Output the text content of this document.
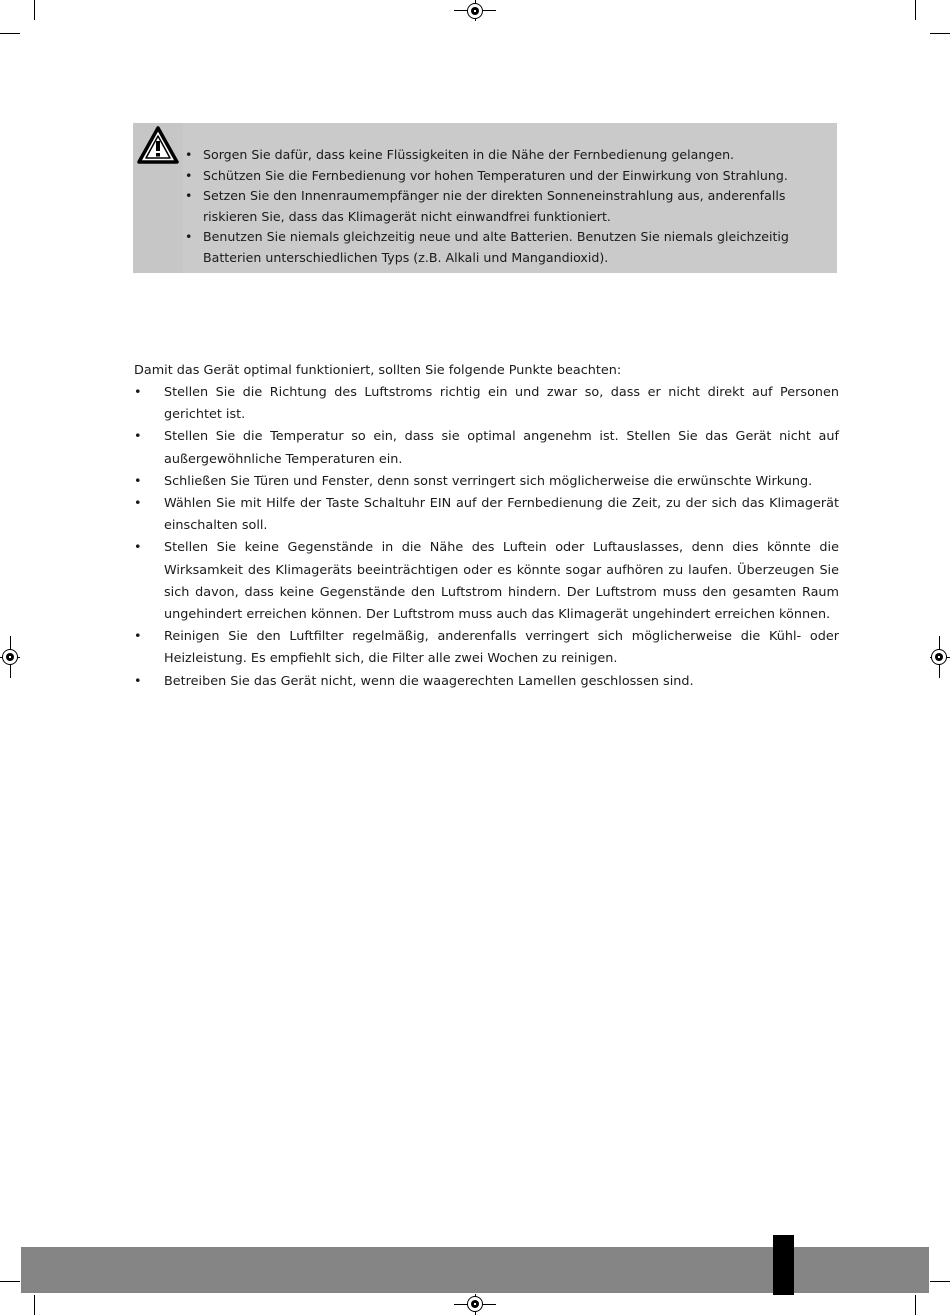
• Sorgen Sie dafür, dass keine Flüssigkeiten in die Nähe der Fernbedienung gelangen.
• Schützen Sie die Fernbedienung vor hohen Temperaturen und der Einwirkung von Strahlung.
• Setzen Sie den Innenraumempfänger nie der direkten Sonneneinstrahlung aus, anderenfalls
riskieren Sie, dass das Klimagerät nicht einwandfrei funktioniert.
• Benutzen Sie niemals gleichzeitig neue und alte Batterien. Benutzen Sie niemals gleichzeitig
Batterien unterschiedlichen Typs (z.B. Alkali und Mangandioxid).

Damit das Gerät optimal funktioniert, sollten Sie folgende Punkte beachten:

• Stellen Sie die Richtung des Luftstroms richtig ein und zwar so, dass er nicht direkt auf Personen gerichtet ist.
• Stellen Sie die Temperatur so ein, dass sie optimal angenehm ist. Stellen Sie das Gerät nicht auf außergewöhnliche Temperaturen ein.
• Schließen Sie Türen und Fenster, denn sonst verringert sich möglicherweise die erwünschte Wirkung.
• Wählen Sie mit Hilfe der Taste Schaltuhr EIN auf der Fernbedienung die Zeit, zu der sich das Klimagerät einschalten soll.
• Stellen Sie keine Gegenstände in die Nähe des Luftein oder Luftauslasses, denn dies könnte die Wirksamkeit des Klimageräts beeinträchtigen oder es könnte sogar aufhören zu laufen. Überzeugen Sie sich davon, dass keine Gegenstände den Luftstrom hindern. Der Luftstrom muss den gesamten Raum ungehindert erreichen können. Der Luftstrom muss auch das Klimagerät ungehindert erreichen können.
• Reinigen Sie den Luftfilter regelmäßig, anderenfalls verringert sich möglicherweise die Kühl- oder Heizleistung. Es empfiehlt sich, die Filter alle zwei Wochen zu reinigen.
• Betreiben Sie das Gerät nicht, wenn die waagerechten Lamellen geschlossen sind.
